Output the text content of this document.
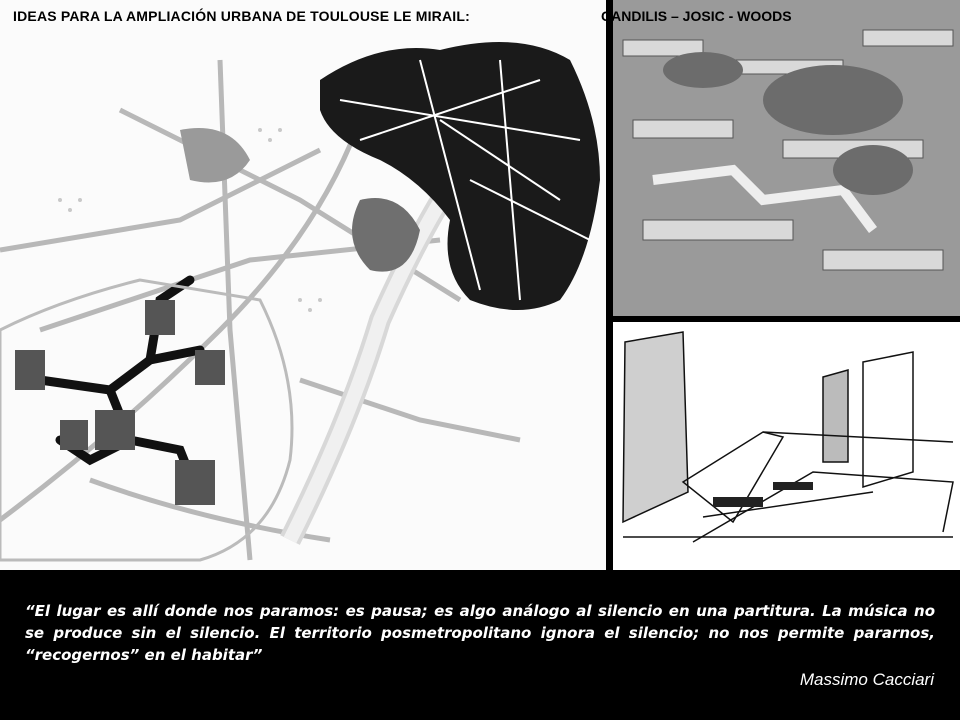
IDEAS PARA LA AMPLIACIÓN URBANA DE TOULOUSE LE MIRAIL:	CANDILIS – JOSIC - WOODS
“El lugar es allí donde nos paramos: es pausa; es algo análogo al silencio en una partitura. La música no se produce sin el silencio. El territorio posmetropolitano ignora el silencio; no nos permite pararnos, “recogernos” en el habitar”
Massimo Cacciari
